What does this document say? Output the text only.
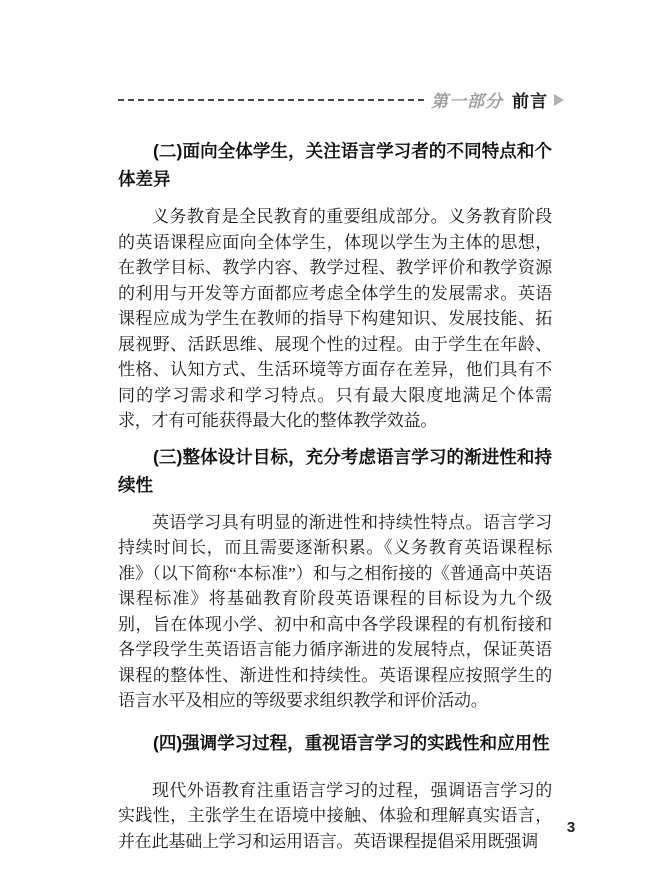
第一部分 前言
(二)面向全体学生，关注语言学习者的不同特点和个体差异

义务教育是全民教育的重要组成部分。义务教育阶段的英语课程应面向全体学生，体现以学生为主体的思想，在教学目标、教学内容、教学过程、教学评价和教学资源的利用与开发等方面都应考虑全体学生的发展需求。英语课程应成为学生在教师的指导下构建知识、发展技能、拓展视野、活跃思维、展现个性的过程。由于学生在年龄、性格、认知方式、生活环境等方面存在差异，他们具有不同的学习需求和学习特点。只有最大限度地满足个体需求，才有可能获得最大化的整体教学效益。

(三)整体设计目标，充分考虑语言学习的渐进性和持续性

英语学习具有明显的渐进性和持续性特点。语言学习持续时间长，而且需要逐渐积累。《义务教育英语课程标准》（以下简称“本标准”）和与之相衔接的《普通高中英语课程标准》将基础教育阶段英语课程的目标设为九个级别，旨在体现小学、初中和高中各学段课程的有机衔接和各学段学生英语语言能力循序渐进的发展特点，保证英语课程的整体性、渐进性和持续性。英语课程应按照学生的语言水平及相应的等级要求组织教学和评价活动。

(四)强调学习过程，重视语言学习的实践性和应用性

现代外语教育注重语言学习的过程，强调语言学习的实践性，主张学生在语境中接触、体验和理解真实语言，并在此基础上学习和运用语言。英语课程提倡采用既强调

3
